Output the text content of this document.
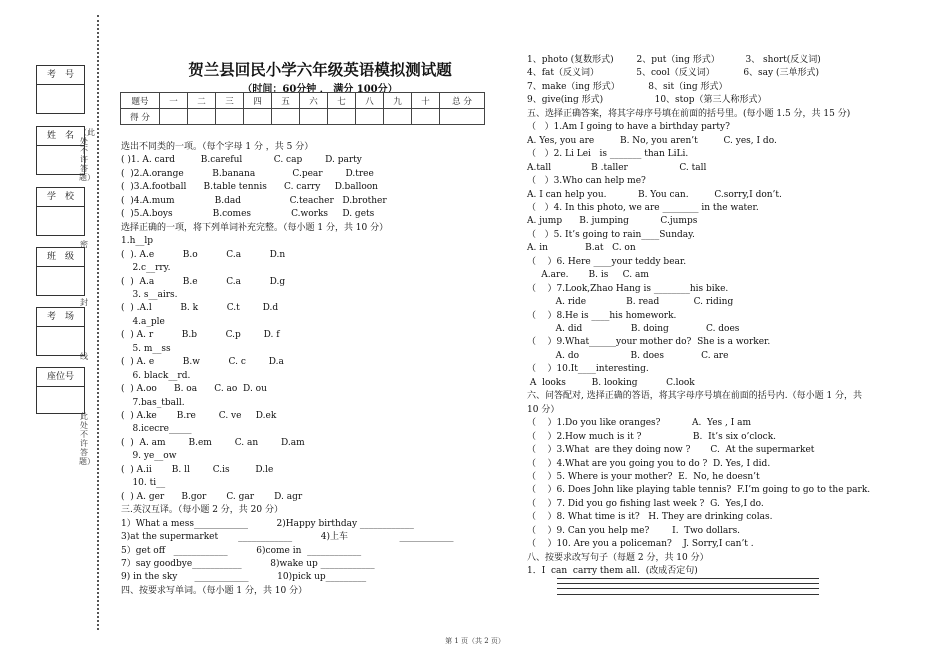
考　号
姓　名
学　校
班　级
考　场
座位号
（此处不许答题）
密
封
线
此处不许答题）
贺兰县回民小学六年级英语模拟测试题
（时间：60分钟 ． 满分 100分）
题号	一	二	三	四	五	六	七	八	九	十	总 分
得 分											
选出不同类的一项。（每个字母 1 分 ，共 5 分）
( )1. A. card         B.careful           C. cap        D. party
(  )2.A.orange          B.banana             C.pear        D.tree
(  )3.A.football      B.table tennis      C. carry     D.balloon
(  )4.A.mum              B.dad                 C.teacher   D.brother
(  )5.A.boys              B.comes              C.works     D. gets
选择正确的一项，将下列单词补充完整。（每小题 1 分，共 10 分）
1.h__lp
(  ). A.e          B.o          C.a          D.n
2.c__rry.
(  )  A.a          B.e          C.a          D.g
3. s__airs.
(  ) .A.l          B. k          C.t        D.d
4.a_ple
(  ) A. r          B.b          C.p        D. f
5. m__ss
(  ) A. e          B.w          C. c        D.a
6. black__rd.
(  ) A.oo      B. oa      C. ao  D. ou
7.bas_tball.
(  ) A.ke       B.re        C. ve     D.ek
8.icecre_____
(  )  A. am        B.em        C. an        D.am
9. ye__ow
(  ) A.ii       B. ll        C.is         D.le
10. ti__
(  ) A. ger      B.gor       C. gar       D. agr
三.英汉互译。（每小题 2 分，共 20 分）
1）What a mess____________          2)Happy birthday ____________
3)at the supermarket       ____________          4)上车                  ____________
5）get off   ____________          6)come in  ____________
7）say goodbye___________          8)wake up ____________
9) in the sky      ____________          10)pick up_________
四、按要求写单词。（每小题 1 分，共 10 分）
1、photo (复数形式)        2、put（ing 形式）         3、 short(反义词)
4、fat（反义词）             5、cool（反义词）          6、say (三单形式)
7、make（ing 形式）          8、sit（ing 形式）
9、give(ing 形式)                  10、stop（第三人称形式）
五、选择正确答案，将其字母序号填在前面的括号里。(每小题 1.5 分，共 15 分)
（   ）1.Am I going to have a birthday party?
A. Yes, you are         B. No, you aren’t         C. yes, I do.
（   ）2. Li Lei   is _______ than LiLi.
A.tall              B .taller                  C. tall
（   ）3.Who can help me?
A. I can help you.           B. You can.         C.sorry,I don’t.
（   ）4. In this photo, we are ________ in the water.
A. jump      B. jumping           C.jumps
（   ）5. It’s going to rain____Sunday.
A. in             B.at   C. on
（    ）6. Here ____your teddy bear.
A.are.       B. is     C. am
（    ）7.Look,Zhao Hang is ________his bike.
A. ride              B. read            C. riding
（    ）8.He is ____his homework.
A. did                 B. doing             C. does
（    ）9.What______your mother do?  She is a worker.
A. do                  B. does             C. are
（    ）10.It____interesting.
A  looks         B. looking          C.look
六、问答配对, 选择正确的答语，将其字母序号填在前面的括号内.（每小题 1 分，共
10 分）
（    ）1.Do you like oranges?           A.  Yes , I am
（    ）2.How much is it ?                  B.  It’s six o’clock.
（    ）3.What  are they doing now ?       C.  At the supermarket
（    ）4.What are you going you to do ?  D. Yes, I did.
（    ）5. Where is your mother?  E.  No, he doesn’t
（    ）6. Does John like playing table tennis?  F.I’m going to go to the park.
（    ）7. Did you go fishing last week ?  G.  Yes,I do.
（    ）8. What time is it?   H. They are drinking colas.
（    ）9. Can you help me?        I.  Two dollars.
（    ）10. Are you a policeman?    J. Sorry,I can’t .
八、按要求改写句子（每题 2 分，共 10 分）
1．I  can  carry them all.  (改成否定句)
第 1 页（共 2 页）
